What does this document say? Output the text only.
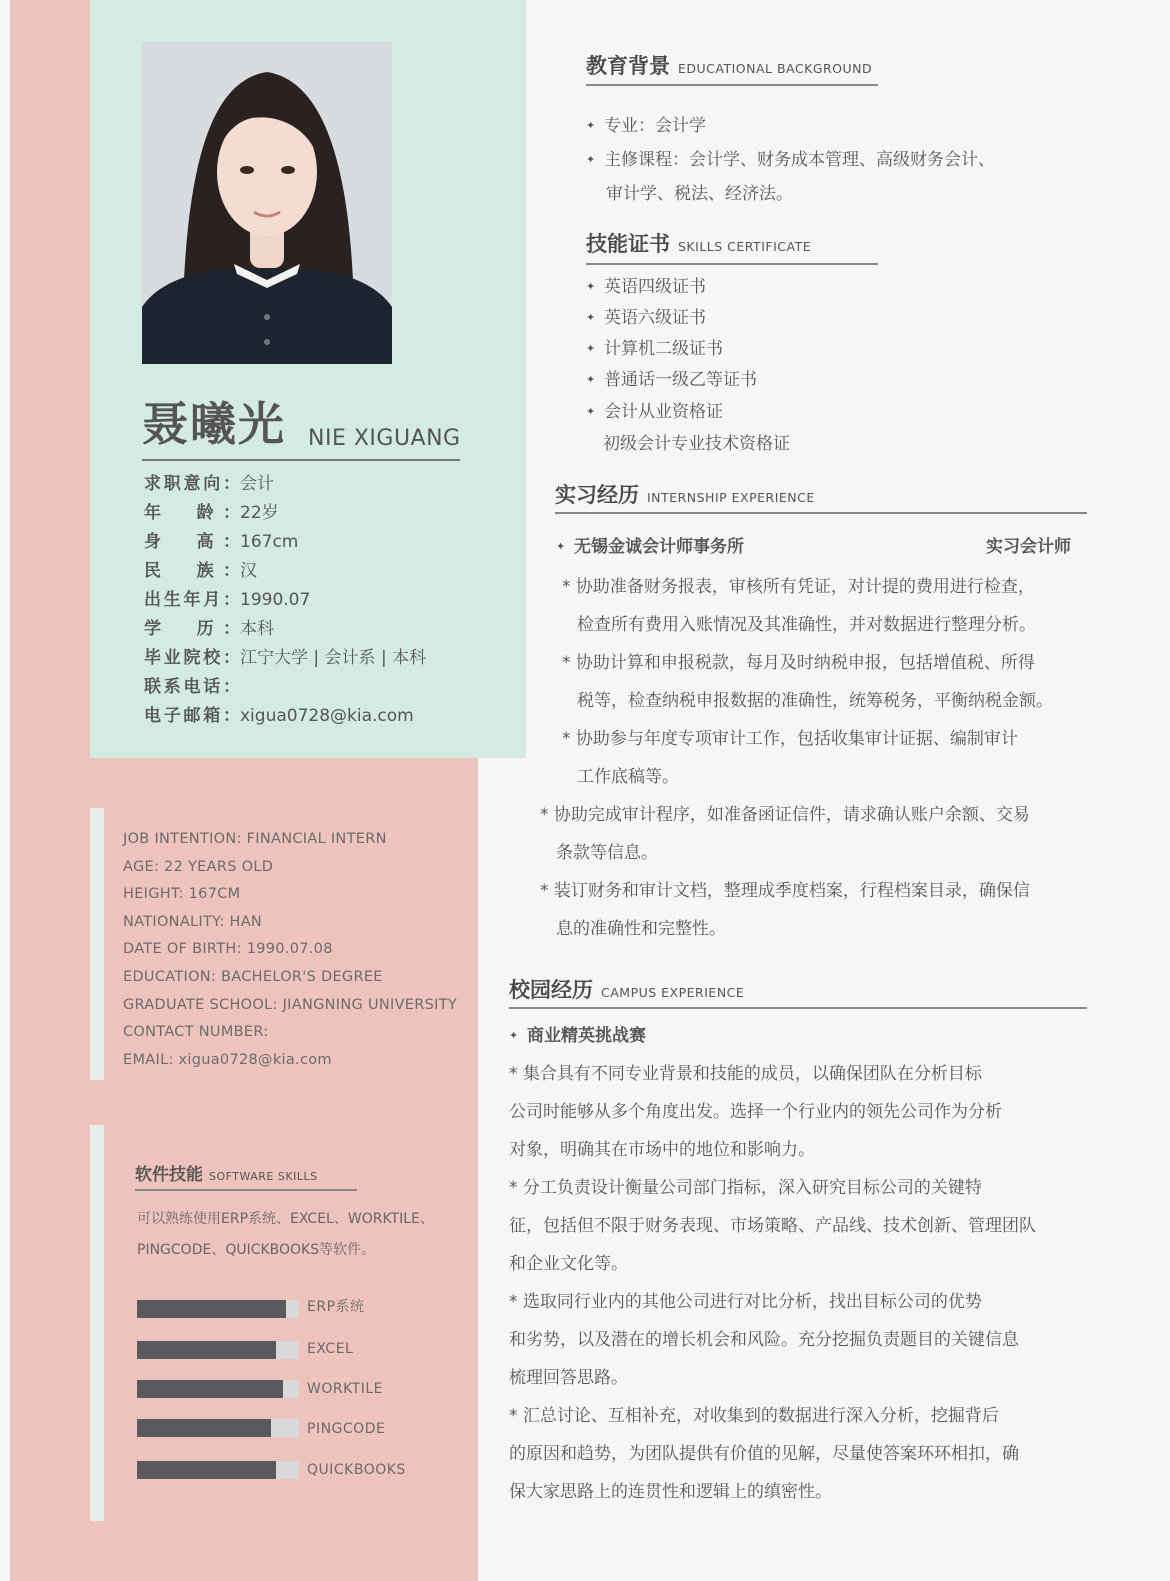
聂曦光 NIE XIGUANG
求职意向：会计
年　龄：22岁
身　高：167cm
民　族：汉
出生年月：1990.07
学　历：本科
毕业院校：江宁大学 | 会计系 | 本科
联系电话：
电子邮箱：xigua0728@kia.com
JOB INTENTION: FINANCIAL INTERN
AGE: 22 YEARS OLD
HEIGHT: 167CM
NATIONALITY: HAN
DATE OF BIRTH: 1990.07.08
EDUCATION: BACHELOR'S DEGREE
GRADUATE SCHOOL: JIANGNING UNIVERSITY
CONTACT NUMBER:
EMAIL: xigua0728@kia.com
软件技能 SOFTWARE SKILLS
可以熟练使用ERP系统、EXCEL、WORKTILE、
PINGCODE、QUICKBOOKS等软件。
ERP系统
EXCEL
WORKTILE
PINGCODE
QUICKBOOKS
教育背景 EDUCATIONAL BACKGROUND
✦ 专业：会计学
✦ 主修课程：会计学、财务成本管理、高级财务会计、
审计学、税法、经济法。
技能证书 SKILLS CERTIFICATE
✦ 英语四级证书
✦ 英语六级证书
✦ 计算机二级证书
✦ 普通话一级乙等证书
✦ 会计从业资格证
初级会计专业技术资格证
实习经历 INTERNSHIP EXPERIENCE
✦ 无锡金诚会计师事务所	实习会计师
* 协助准备财务报表，审核所有凭证，对计提的费用进行检查，
检查所有费用入账情况及其准确性，并对数据进行整理分析。
* 协助计算和申报税款，每月及时纳税申报，包括增值税、所得
税等，检查纳税申报数据的准确性，统筹税务，平衡纳税金额。
* 协助参与年度专项审计工作，包括收集审计证据、编制审计
工作底稿等。
* 协助完成审计程序，如准备函证信件，请求确认账户余额、交易
条款等信息。
* 装订财务和审计文档，整理成季度档案，行程档案目录，确保信
息的准确性和完整性。
校园经历 CAMPUS EXPERIENCE
✦ 商业精英挑战赛
* 集合具有不同专业背景和技能的成员，以确保团队在分析目标
公司时能够从多个角度出发。选择一个行业内的领先公司作为分析
对象，明确其在市场中的地位和影响力。
* 分工负责设计衡量公司部门指标，深入研究目标公司的关键特
征，包括但不限于财务表现、市场策略、产品线、技术创新、管理团队
和企业文化等。
* 选取同行业内的其他公司进行对比分析，找出目标公司的优势
和劣势，以及潜在的增长机会和风险。充分挖掘负责题目的关键信息
梳理回答思路。
* 汇总讨论、互相补充，对收集到的数据进行深入分析，挖掘背后
的原因和趋势，为团队提供有价值的见解，尽量使答案环环相扣，确
保大家思路上的连贯性和逻辑上的缜密性。
